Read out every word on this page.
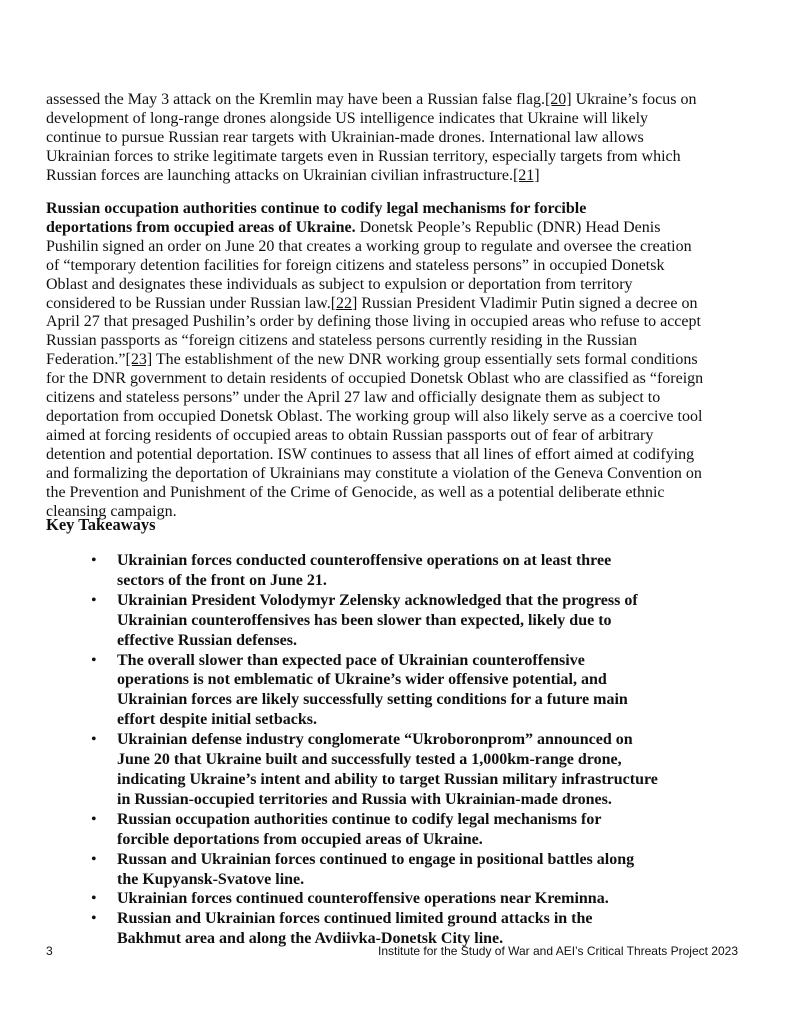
assessed the May 3 attack on the Kremlin may have been a Russian false flag.[20] Ukraine’s focus on
development of long-range drones alongside US intelligence indicates that Ukraine will likely
continue to pursue Russian rear targets with Ukrainian-made drones. International law allows
Ukrainian forces to strike legitimate targets even in Russian territory, especially targets from which
Russian forces are launching attacks on Ukrainian civilian infrastructure.[21]
Russian occupation authorities continue to codify legal mechanisms for forcible
deportations from occupied areas of Ukraine. Donetsk People’s Republic (DNR) Head Denis
Pushilin signed an order on June 20 that creates a working group to regulate and oversee the creation
of “temporary detention facilities for foreign citizens and stateless persons” in occupied Donetsk
Oblast and designates these individuals as subject to expulsion or deportation from territory
considered to be Russian under Russian law.[22] Russian President Vladimir Putin signed a decree on
April 27 that presaged Pushilin’s order by defining those living in occupied areas who refuse to accept
Russian passports as “foreign citizens and stateless persons currently residing in the Russian
Federation.”[23] The establishment of the new DNR working group essentially sets formal conditions
for the DNR government to detain residents of occupied Donetsk Oblast who are classified as “foreign
citizens and stateless persons” under the April 27 law and officially designate them as subject to
deportation from occupied Donetsk Oblast. The working group will also likely serve as a coercive tool
aimed at forcing residents of occupied areas to obtain Russian passports out of fear of arbitrary
detention and potential deportation. ISW continues to assess that all lines of effort aimed at codifying
and formalizing the deportation of Ukrainians may constitute a violation of the Geneva Convention on
the Prevention and Punishment of the Crime of Genocide, as well as a potential deliberate ethnic
cleansing campaign.
Key Takeaways
• Ukrainian forces conducted counteroffensive operations on at least three
sectors of the front on June 21.
• Ukrainian President Volodymyr Zelensky acknowledged that the progress of
Ukrainian counteroffensives has been slower than expected, likely due to
effective Russian defenses.
• The overall slower than expected pace of Ukrainian counteroffensive
operations is not emblematic of Ukraine’s wider offensive potential, and
Ukrainian forces are likely successfully setting conditions for a future main
effort despite initial setbacks.
• Ukrainian defense industry conglomerate “Ukroboronprom” announced on
June 20 that Ukraine built and successfully tested a 1,000km-range drone,
indicating Ukraine’s intent and ability to target Russian military infrastructure
in Russian-occupied territories and Russia with Ukrainian-made drones.
• Russian occupation authorities continue to codify legal mechanisms for
forcible deportations from occupied areas of Ukraine.
• Russan and Ukrainian forces continued to engage in positional battles along
the Kupyansk-Svatove line.
• Ukrainian forces continued counteroffensive operations near Kreminna.
• Russian and Ukrainian forces continued limited ground attacks in the
Bakhmut area and along the Avdiivka-Donetsk City line.
3	Institute for the Study of War and AEI’s Critical Threats Project 2023
